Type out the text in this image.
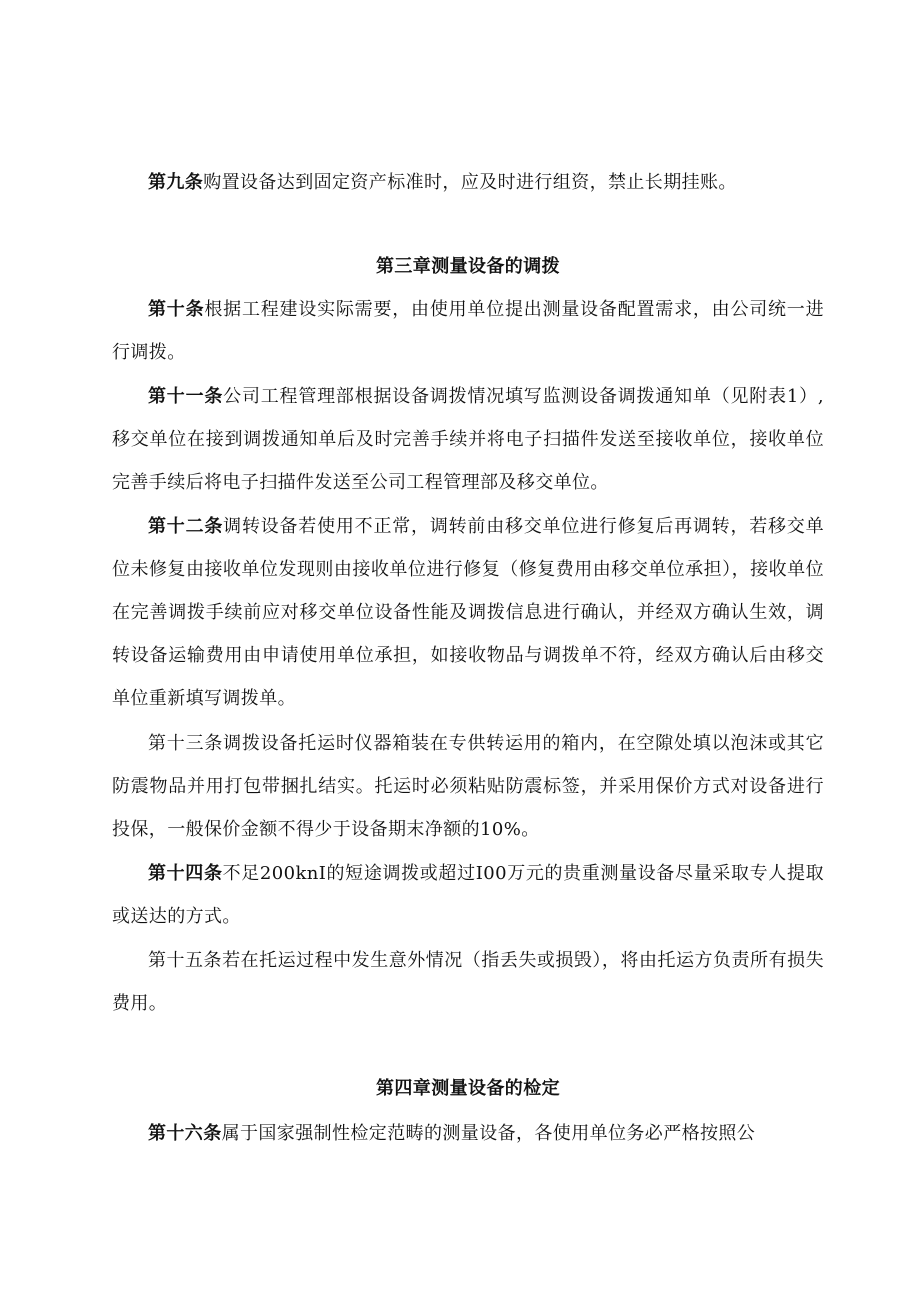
第九条购置设备达到固定资产标准时，应及时进行组资，禁止长期挂账。

第三章测量设备的调拨

第十条根据工程建设实际需要，由使用单位提出测量设备配置需求，由公司统一进行调拨。

第十一条公司工程管理部根据设备调拨情况填写监测设备调拨通知单（见附表1）,移交单位在接到调拨通知单后及时完善手续并将电子扫描件发送至接收单位，接收单位完善手续后将电子扫描件发送至公司工程管理部及移交单位。

第十二条调转设备若使用不正常，调转前由移交单位进行修复后再调转，若移交单位未修复由接收单位发现则由接收单位进行修复（修复费用由移交单位承担），接收单位在完善调拨手续前应对移交单位设备性能及调拨信息进行确认，并经双方确认生效，调转设备运输费用由申请使用单位承担，如接收物品与调拨单不符，经双方确认后由移交单位重新填写调拨单。

第十三条调拨设备托运时仪器箱装在专供转运用的箱内，在空隙处填以泡沫或其它防震物品并用打包带捆扎结实。托运时必须粘贴防震标签，并采用保价方式对设备进行投保，一般保价金额不得少于设备期末净额的10%。

第十四条不足200knI的短途调拨或超过I00万元的贵重测量设备尽量采取专人提取或送达的方式。

第十五条若在托运过程中发生意外情况（指丢失或损毁），将由托运方负责所有损失费用。

第四章测量设备的检定

第十六条属于国家强制性检定范畴的测量设备，各使用单位务必严格按照公
